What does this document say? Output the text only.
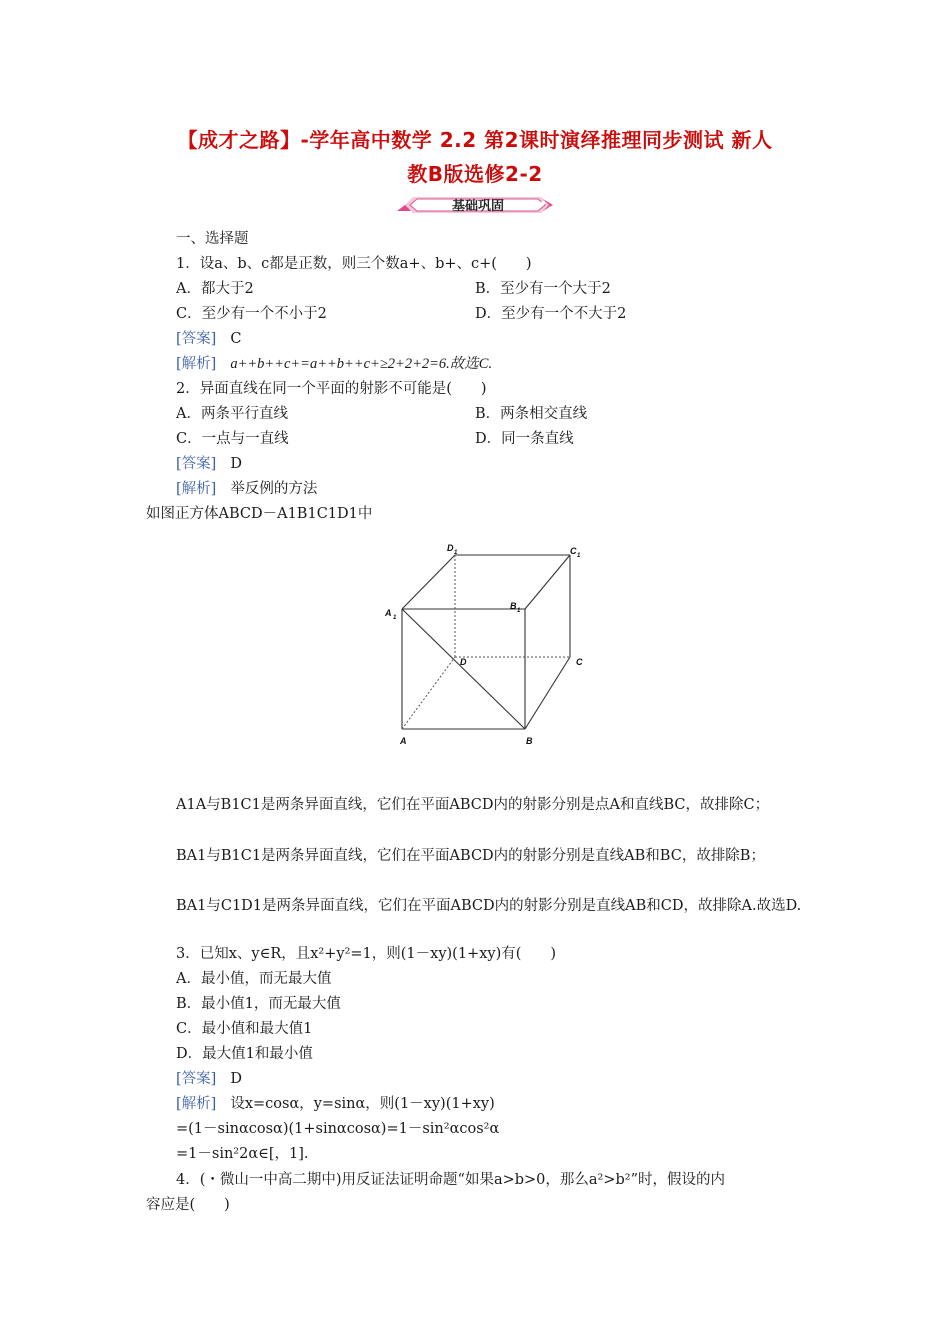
【成才之路】-学年高中数学 2.2 第2课时演绎推理同步测试 新人
教B版选修2-2
基础巩固
一、选择题
1．设a、b、c都是正数，则三个数a+、b+、c+(　　)
A．都大于2	B．至少有一个大于2
C．至少有一个不小于2	D．至少有一个不大于2
[答案] C
[解析] a++b++c+=a++b++c+≥2+2+2=6.故选C.
2．异面直线在同一个平面的射影不可能是(　　)
A．两条平行直线	B．两条相交直线
C．一点与一直线	D．同一条直线
[答案] D
[解析] 举反例的方法
如图正方体ABCD－A1B1C1D1中
D 1	C 1
A 1
B 1
D	C
A	B
A1A与B1C1是两条异面直线，它们在平面ABCD内的射影分别是点A和直线BC，故排除C；
BA1与B1C1是两条异面直线，它们在平面ABCD内的射影分别是直线AB和BC，故排除B；
BA1与C1D1是两条异面直线，它们在平面ABCD内的射影分别是直线AB和CD，故排除A.故选D.
3．已知x、y∈R，且x²+y²=1，则(1－xy)(1+xy)有(　　)
A．最小值，而无最大值
B．最小值1，而无最大值
C．最小值和最大值1
D．最大值1和最小值
[答案] D
[解析] 设x=cosα，y=sinα，则(1－xy)(1+xy)
=(1－sinαcosα)(1+sinαcosα)=1－sin²αcos²α
=1－sin²2α∈[，1].
4．(・微山一中高二期中)用反证法证明命题“如果a>b>0，那么a²>b²”时，假设的内
容应是(　　)
